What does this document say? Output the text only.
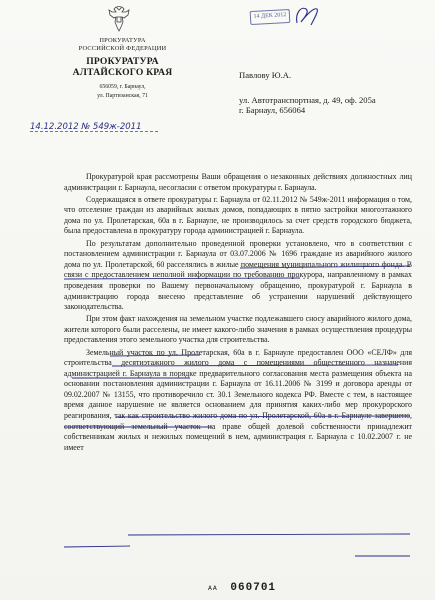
ПРОКУРАТУРА
РОССИЙСКОЙ ФЕДЕРАЦИИ
ПРОКУРАТУРА
АЛТАЙСКОГО КРАЯ
656059, г. Барнаул,
ул. Партизанская, 71
14 ДЕК 2012
Павлову Ю.А.
ул. Автотранспортная, д. 49, оф. 205а
г. Барнаул, 656064
14.12.2012 № 549ж-2011

Прокуратурой края рассмотрены Ваши обращения о незаконных действиях должностных лиц администрации г. Барнаула, несогласии с ответом прокуратуры г. Барнаула.

Содержащаяся в ответе прокуратуры г. Барнаула от 02.11.2012 № 549ж-2011 информация о том, что отселение граждан из аварийных жилых домов, попадающих в пятно застройки многоэтажного дома по ул. Пролетарская, 60а в г. Барнауле, не производилось за счет средств городского бюджета, была предоставлена в прокуратуру города администрацией г. Барнаула.

По результатам дополнительно проведенной проверки установлено, что в соответствии с постановлением администрации г. Барнаула от 03.07.2006 № 1696 граждане из аварийного жилого дома по ул. Пролетарской, 60 расселялись в жилые помещения муниципального жилищного фонда. В связи с предоставлением неполной информации по требованию прокурора, направленному в рамках проведения проверки по Вашему первоначальному обращению, прокуратурой г. Барнаула в администрацию города внесено представление об устранении нарушений действующего законодательства.

При этом факт нахождения на земельном участке подлежавшего сносу аварийного жилого дома, жители которого были расселены, не имеет какого-либо значения в рамках осуществления процедуры предоставления этого земельного участка для строительства.

Земельный участок по ул. Пролетарская, 60а в г. Барнауле предоставлен ООО «СЕЛФ» для строительства десятиэтажного жилого дома с помещениями общественного назначения администрацией г. Барнаула в порядке предварительного согласования места размещения объекта на основании постановления администрации г. Барнаула от 16.11.2006 № 3199 и договора аренды от 09.02.2007 № 13155, что противоречило ст. 30.1 Земельного кодекса РФ. Вместе с тем, в настоящее время данное нарушение не является основанием для принятия каких-либо мер прокурорского реагирования, так как строительство жилого дома по ул. Пролетарской, 60а в г. Барнауле завершено, соответствующий земельный участок на праве общей долевой собственности принадлежит собственникам жилых и нежилых помещений в нем, администрация г. Барнаула с 10.02.2007 г. не имеет

АА 060701
